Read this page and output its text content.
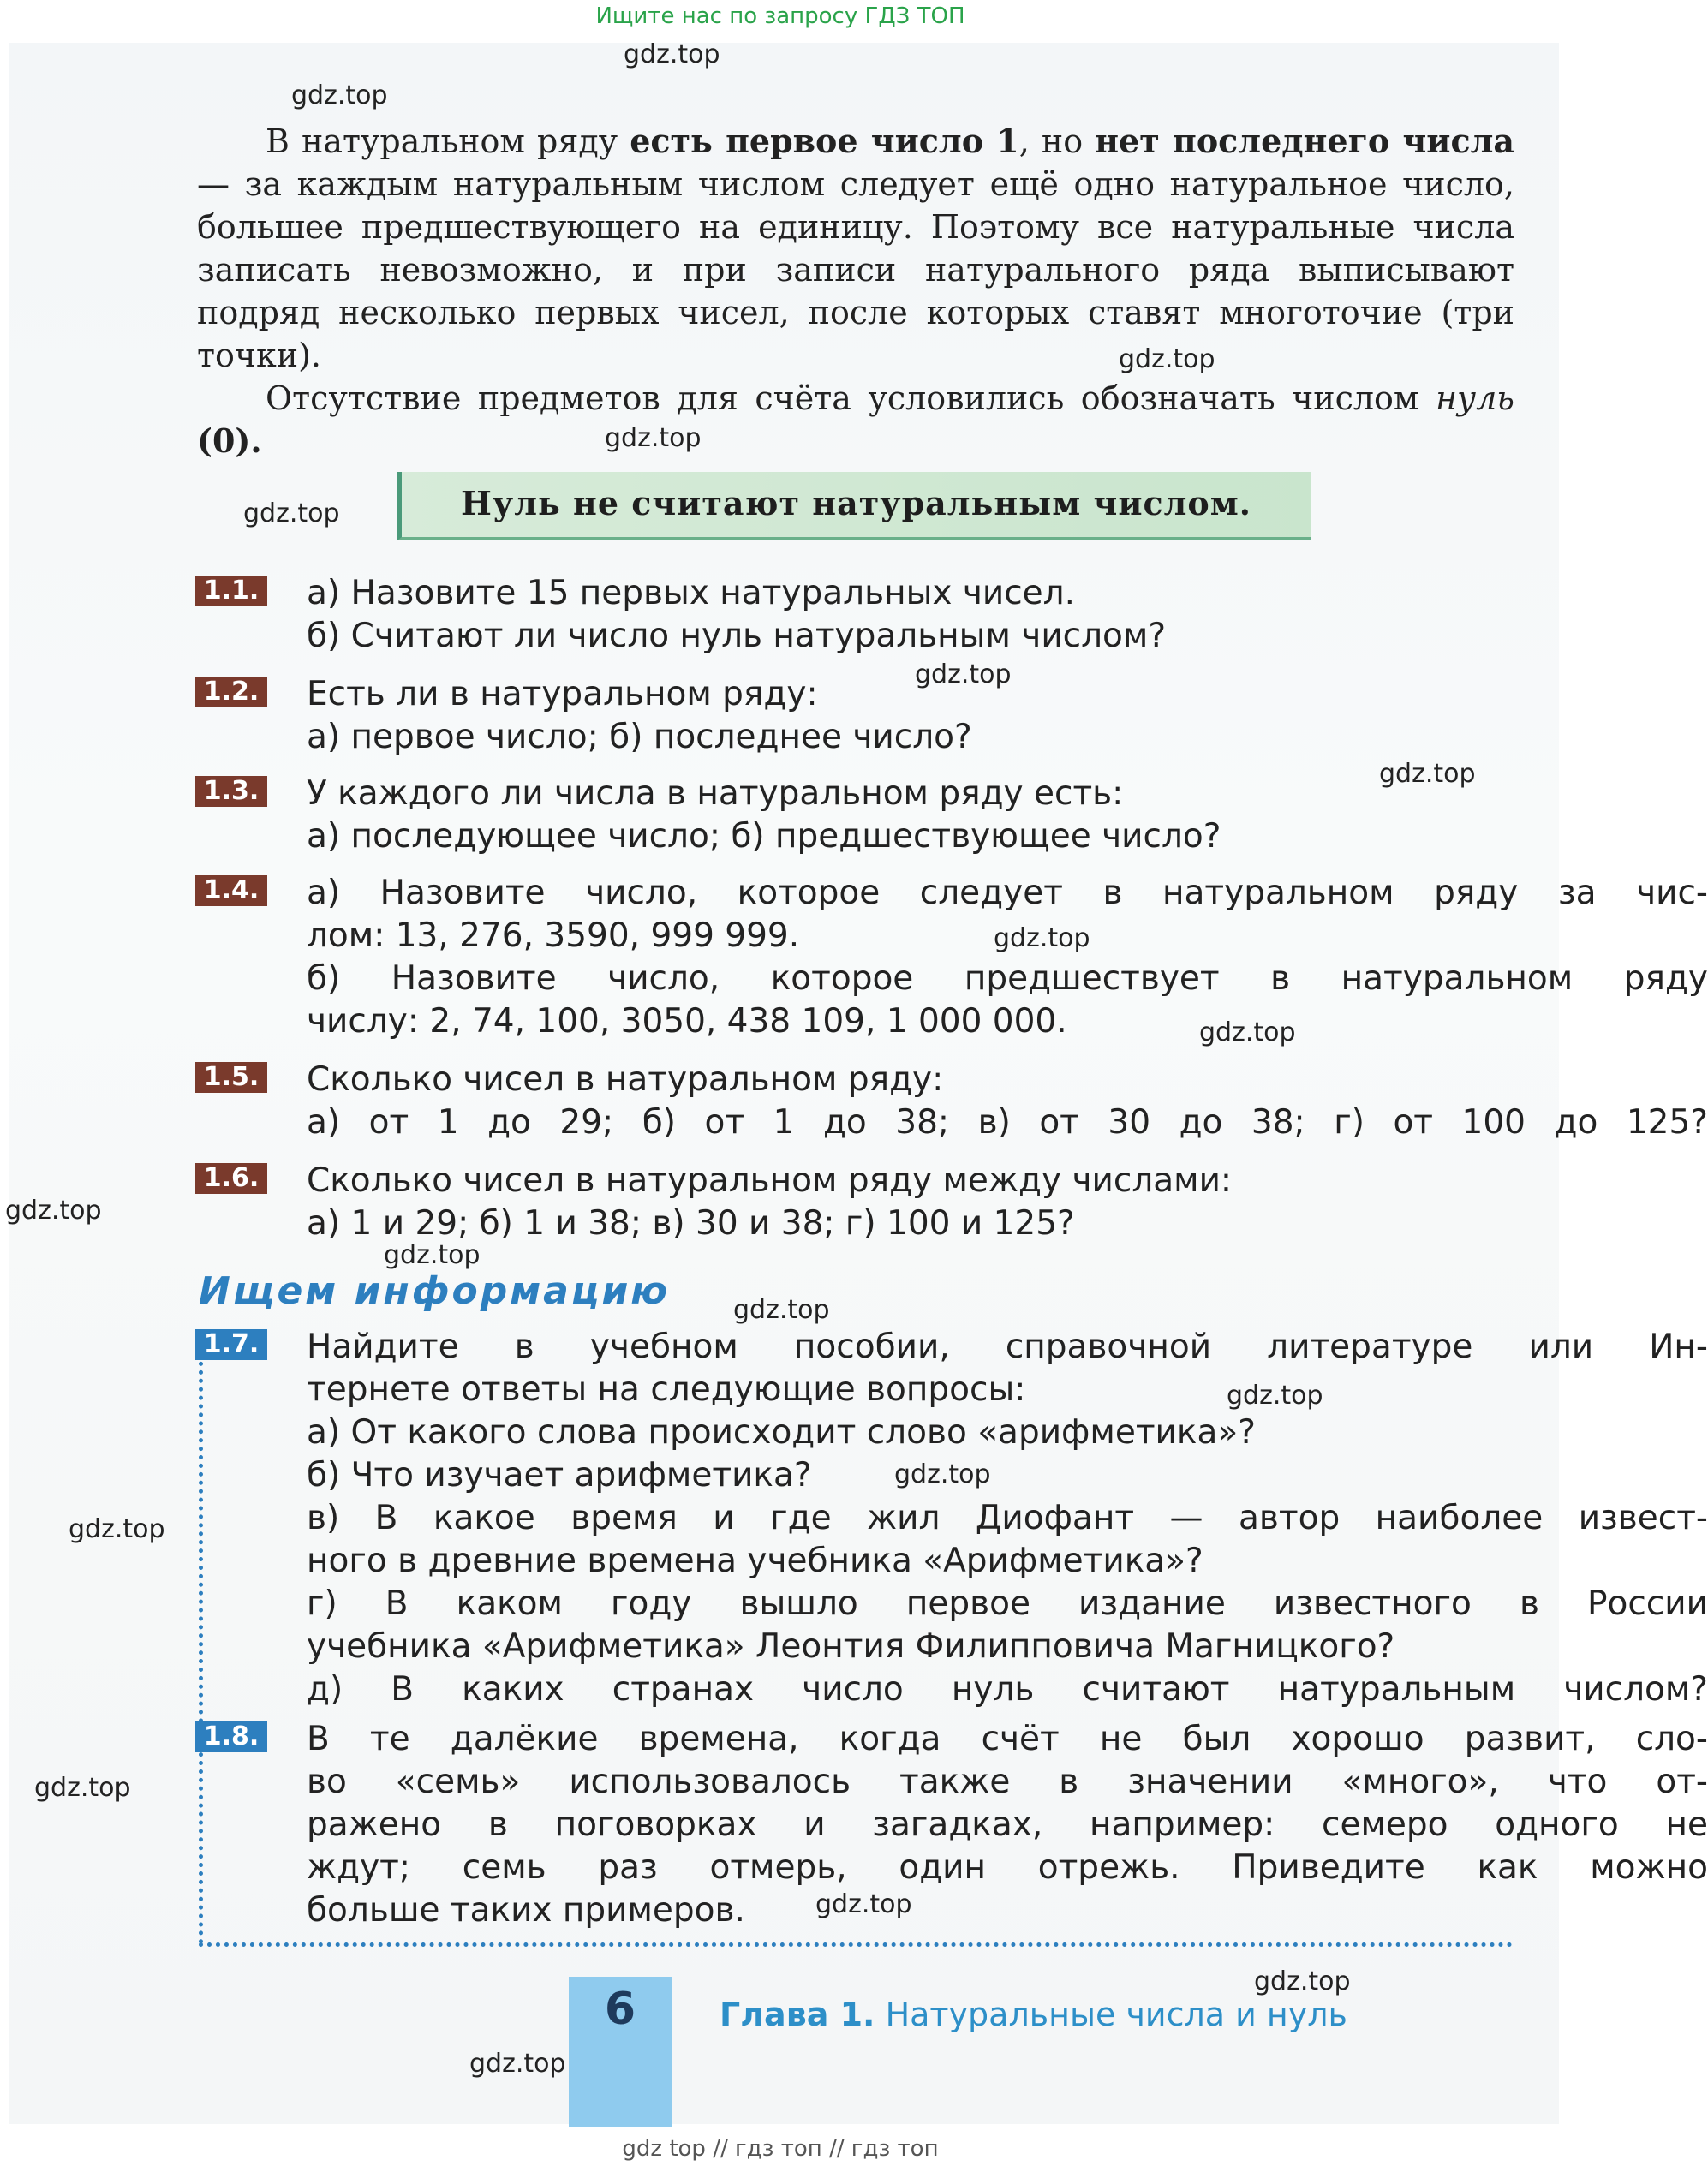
Ищите нас по запросу ГДЗ ТОП
gdz.top
gdz.top
gdz.top
gdz.top
gdz.top
gdz.top
gdz.top
gdz.top
gdz.top
gdz.top
gdz.top
gdz.top
gdz.top
gdz.top
gdz.top
gdz.top
gdz.top
gdz.top
gdz.top
В натуральном ряду есть первое число 1, но нет последнего числа — за каждым натуральным числом следует ещё одно натуральное число, большее предшествующего на единицу. Поэтому все натуральные числа записать невозможно, и при записи натурального ряда выписывают подряд несколько первых чисел, после которых ставят многоточие (три точки).
Отсутствие предметов для счёта условились обозначать числом нуль (0).
Нуль не считают натуральным числом.
1.1. а) Назовите 15 первых натуральных чисел.
б) Считают ли число нуль натуральным числом?
1.2. Есть ли в натуральном ряду:
а) первое число; б) последнее число?
1.3. У каждого ли числа в натуральном ряду есть:
а) последующее число; б) предшествующее число?
1.4. а) Назовите число, которое следует в натуральном ряду за чис-
лом: 13, 276, 3590, 999 999.
б) Назовите число, которое предшествует в натуральном ряду
числу: 2, 74, 100, 3050, 438 109, 1 000 000.
1.5. Сколько чисел в натуральном ряду:
а) от 1 до 29; б) от 1 до 38; в) от 30 до 38; г) от 100 до 125?
1.6. Сколько чисел в натуральном ряду между числами:
а) 1 и 29; б) 1 и 38; в) 30 и 38; г) 100 и 125?
Ищем информацию
1.7. Найдите в учебном пособии, справочной литературе или Ин-
тернете ответы на следующие вопросы:
а) От какого слова происходит слово «арифметика»?
б) Что изучает арифметика?
в) В какое время и где жил Диофант — автор наиболее извест-
ного в древние времена учебника «Арифметика»?
г) В каком году вышло первое издание известного в России
учебника «Арифметика» Леонтия Филипповича Магницкого?
д) В каких странах число нуль считают натуральным числом?
1.8. В те далёкие времена, когда счёт не был хорошо развит, сло-
во «семь» использовалось также в значении «много», что от-
ражено в поговорках и загадках, например: семеро одного не
ждут; семь раз отмерь, один отрежь. Приведите как можно
больше таких примеров.
6	Глава 1. Натуральные числа и нуль
gdz top // гдз топ // гдз топ
